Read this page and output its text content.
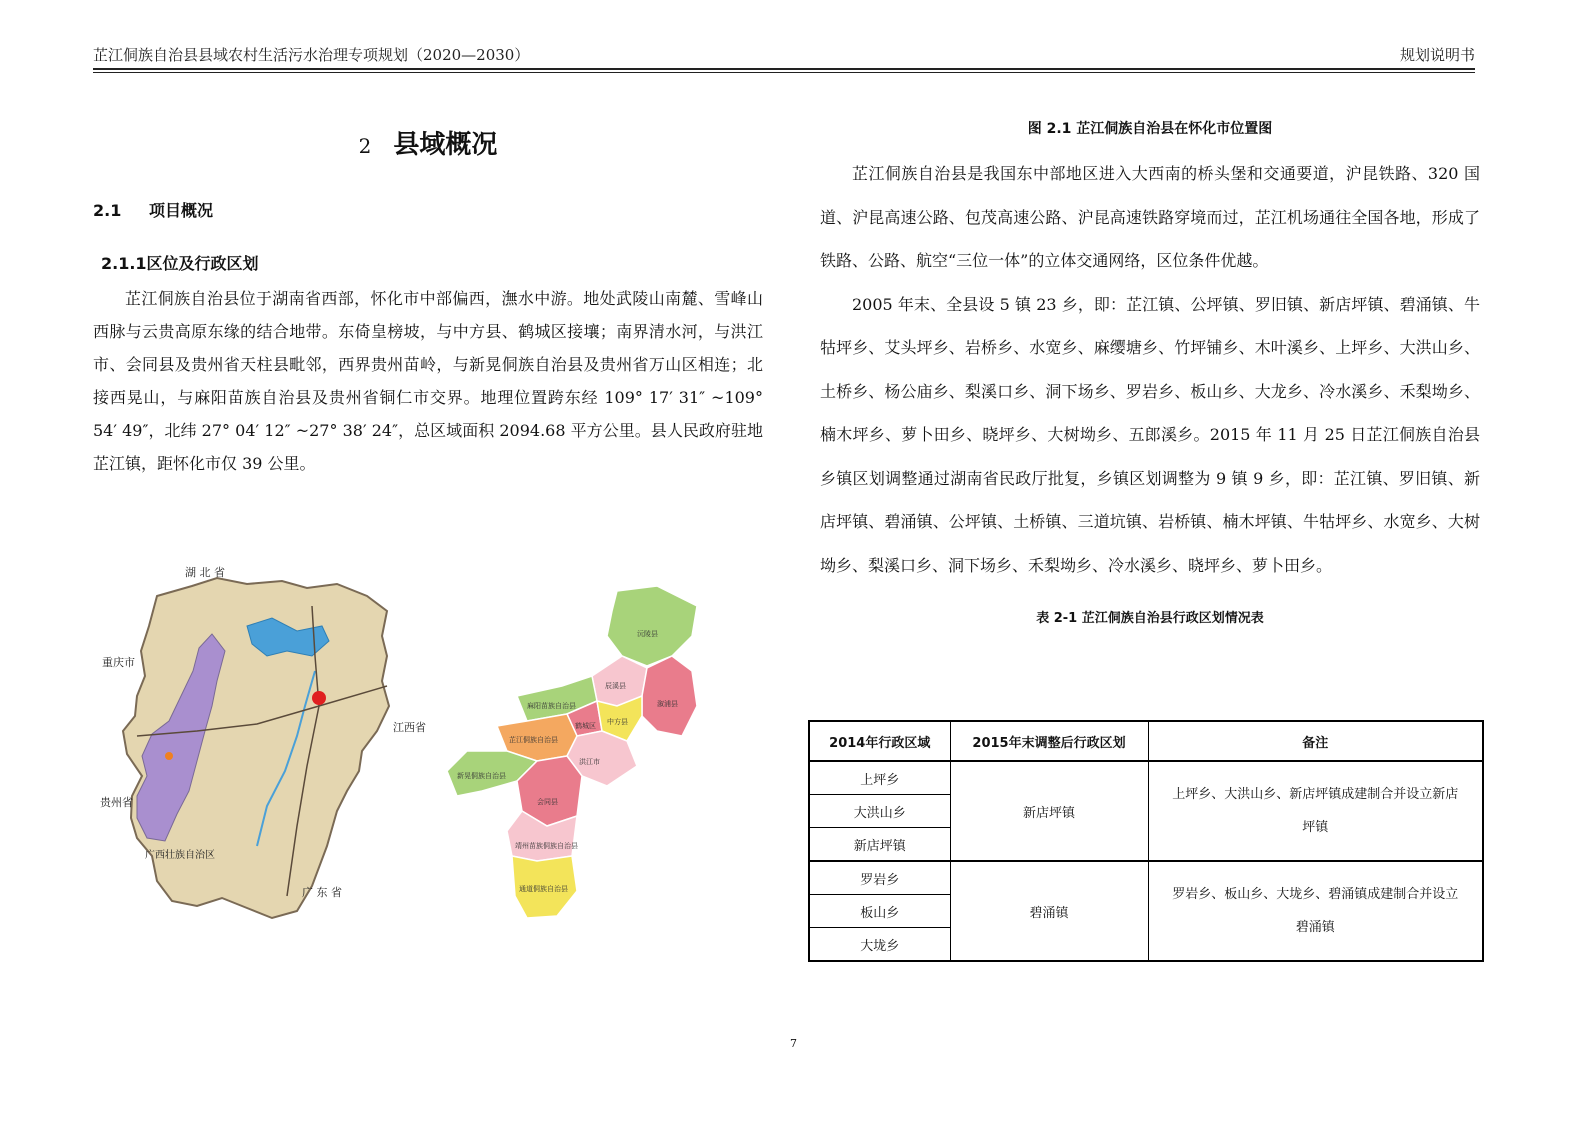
芷江侗族自治县县域农村生活污水治理专项规划（2020—2030）	规划说明书
2 县域概况
2.1 项目概况
2.1.1区位及行政区划

芷江侗族自治县位于湖南省西部，怀化市中部偏西，潕水中游。地处武陵山南麓、雪峰山西脉与云贵高原东缘的结合地带。东倚皇榜坡，与中方县、鹤城区接壤；南界清水河，与洪江市、会同县及贵州省天柱县毗邻，西界贵州苗岭，与新晃侗族自治县及贵州省万山区相连；北接西晃山，与麻阳苗族自治县及贵州省铜仁市交界。地理位置跨东经 109° 17′ 31″ ~109° 54′ 49″，北纬 27° 04′ 12″ ~27° 38′ 24″，总区域面积 2094.68 平方公里。县人民政府驻地芷江镇，距怀化市仅 39 公里。

湖 北 省
重庆市
贵州省
江西省
广西壮族自治区
广 东 省
沅陵县
辰溪县
溆浦县
麻阳苗族自治县
鹤城区 中方县
芷江侗族自治县
新晃侗族自治县
洪江市
会同县
靖州苗族侗族自治县
通道侗族自治县
图 2.1 芷江侗族自治县在怀化市位置图

芷江侗族自治县是我国东中部地区进入大西南的桥头堡和交通要道，沪昆铁路、320 国道、沪昆高速公路、包茂高速公路、沪昆高速铁路穿境而过，芷江机场通往全国各地，形成了铁路、公路、航空“三位一体”的立体交通网络，区位条件优越。

2005 年末、全县设 5 镇 23 乡，即：芷江镇、公坪镇、罗旧镇、新店坪镇、碧涌镇、牛牯坪乡、艾头坪乡、岩桥乡、水宽乡、麻缨塘乡、竹坪铺乡、木叶溪乡、上坪乡、大洪山乡、土桥乡、杨公庙乡、梨溪口乡、洞下场乡、罗岩乡、板山乡、大龙乡、冷水溪乡、禾梨坳乡、楠木坪乡、萝卜田乡、晓坪乡、大树坳乡、五郎溪乡。2015 年 11 月 25 日芷江侗族自治县乡镇区划调整通过湖南省民政厅批复，乡镇区划调整为 9 镇 9 乡，即：芷江镇、罗旧镇、新店坪镇、碧涌镇、公坪镇、土桥镇、三道坑镇、岩桥镇、楠木坪镇、牛牯坪乡、水宽乡、大树坳乡、梨溪口乡、洞下场乡、禾梨坳乡、冷水溪乡、晓坪乡、萝卜田乡。

表 2-1 芷江侗族自治县行政区划情况表
2014年行政区域	2015年末调整后行政区划	备注
上坪乡	新店坪镇	上坪乡、大洪山乡、新店坪镇成建制合并设立新店坪镇
大洪山乡		
新店坪镇		
罗岩乡	碧涌镇	罗岩乡、板山乡、大垅乡、碧涌镇成建制合并设立碧涌镇
板山乡		
大垅乡		
7
